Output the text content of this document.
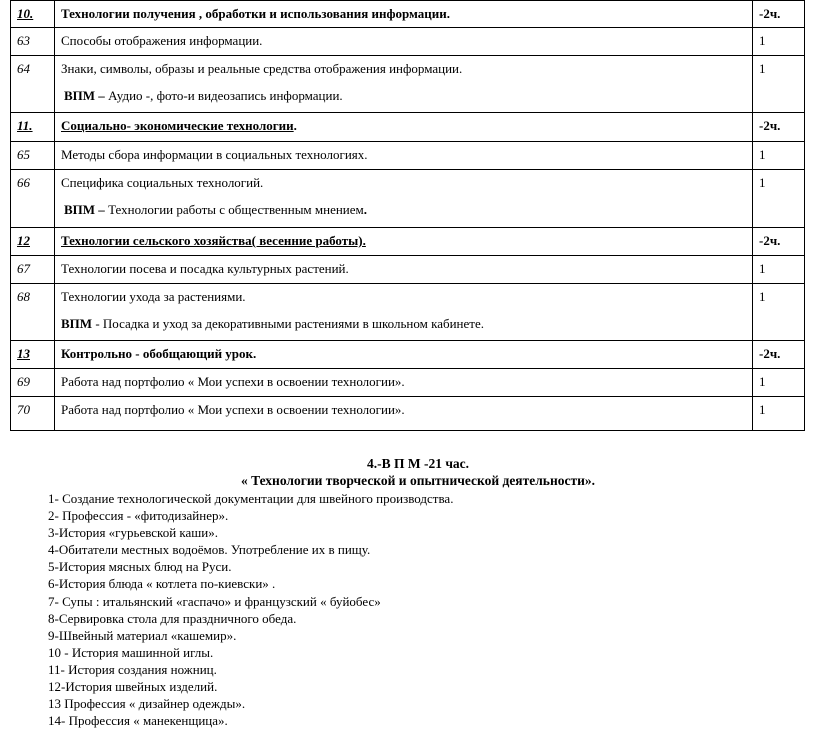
10.	Технологии получения , обработки и использования информации.	-2ч.
63	Способы отображения информации.	1
64	Знаки, символы, образы и реальные средства отображения информации.
ВПМ – Аудио -, фото-и видеозапись информации.	1
11.	Социально- экономические технологии.	-2ч.
65	Методы сбора информации в социальных технологиях.	1
66	Специфика социальных технологий.
ВПМ – Технологии работы с общественным мнением.	1
12	Технологии сельского хозяйства( весенние работы).	-2ч.
67	Технологии посева и посадка культурных растений.	1
68	Технологии ухода за растениями.
ВПМ - Посадка и уход за декоративными растениями в школьном кабинете.	1
13	Контрольно - обобщающий урок.	-2ч.
69	Работа над портфолио « Мои успехи в освоении технологии».	1
70	Работа над портфолио « Мои успехи в освоении технологии».	1
4.-В П М -21 час.
« Технологии творческой и опытнической деятельности».
1- Создание технологической документации для швейного производства.
2- Профессия - «фитодизайнер».
3-История «гурьевской каши».
4-Обитатели местных водоёмов. Употребление их в пищу.
5-История мясных блюд на Руси.
6-История блюда « котлета по-киевски» .
7- Супы : итальянский «гаспачо» и французский « буйобес»
8-Сервировка стола для праздничного обеда.
9-Швейный материал «кашемир».
10 - История машинной иглы.
11- История создания ножниц.
12-История швейных изделий.
13 Профессия « дизайнер одежды».
14- Профессия « манекенщица».
